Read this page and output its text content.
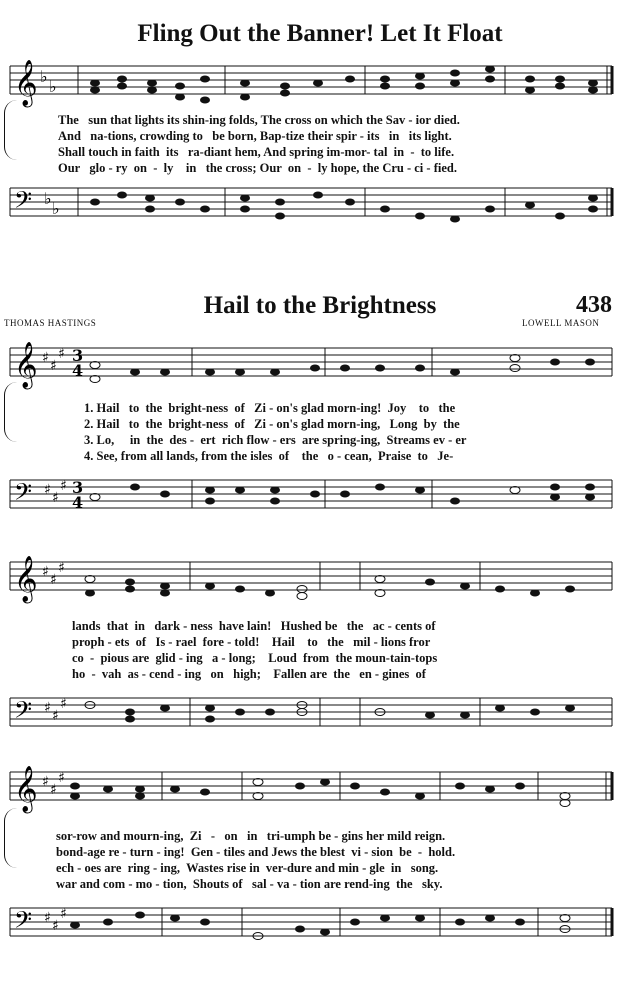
Fling Out the Banner! Let It Float
𝄞 ♭
♭
The   sun that lights its shin-ing folds, The cross on which the Sav - ior died.
And   na-tions, crowding to   be born, Bap-tize their spir - its   in   its light.
Shall touch in faith  its   ra-diant hem, And spring im-mor- tal  in  -  to life.
Our   glo - ry  on  -  ly    in   the cross; Our  on  -  ly hope, the Cru - ci - fied.
𝄢 ♭
♭
Hail to the Brightness	438
THOMAS HASTINGS	LOWELL MASON
𝄞 ♯ ♯
♯ 3
4
1. Hail   to  the  bright-ness  of   Zi - on's glad morn-ing!  Joy    to   the
2. Hail   to  the  bright-ness  of   Zi - on's glad morn-ing,   Long  by  the
3. Lo,     in  the  des -  ert  rich flow - ers  are spring-ing,  Streams ev - er
4. See, from all lands, from the isles  of    the   o - cean,  Praise  to   Je-
𝄢 ♯ ♯
♯ 3
4
𝄞 ♯ ♯
♯
lands  that  in   dark - ness  have lain!   Hushed be   the   ac - cents of
proph - ets  of   Is - rael  fore - told!    Hail    to   the   mil - lions fror
co  -  pious are  glid - ing   a - long;    Loud  from  the moun-tain-tops
ho  -  vah  as - cend - ing   on   high;    Fallen are  the   en - gines  of
𝄢 ♯ ♯
♯
𝄞 ♯ ♯
♯
sor-row and mourn-ing,  Zi   -   on   in   tri-umph be - gins her mild reign.
bond-age re - turn - ing!  Gen - tiles and Jews the blest  vi - sion  be  -  hold.
ech - oes are  ring - ing,  Wastes rise in  ver-dure and min - gle  in   song.
war and com - mo - tion,  Shouts of   sal - va - tion are rend-ing  the   sky.
𝄢 ♯ ♯
♯
